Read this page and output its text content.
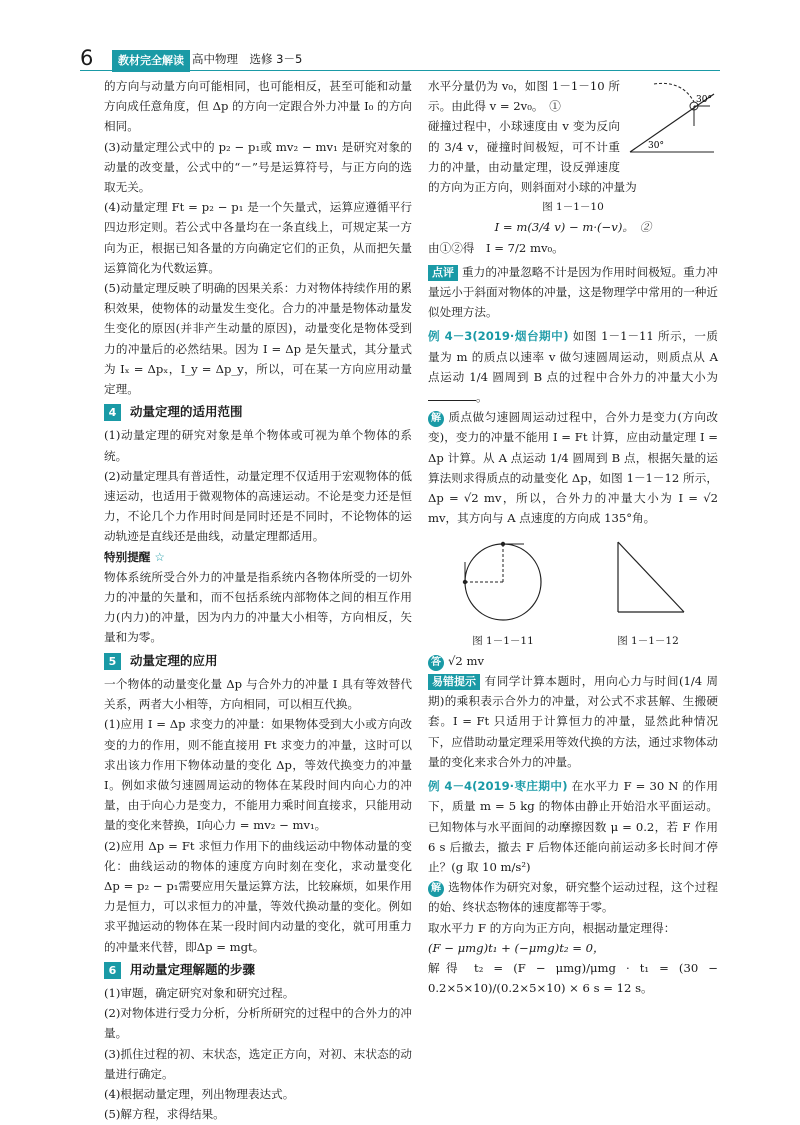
6	教材完全解读 高中物理　选修 3－5

的方向与动量方向可能相同，也可能相反，甚至可能和动量方向成任意角度，但 Δp 的方向一定跟合外力冲量 I₀ 的方向相同。

(3)动量定理公式中的 p₂ − p₁或 mv₂ − mv₁ 是研究对象的动量的改变量，公式中的“－”号是运算符号，与正方向的选取无关。

(4)动量定理 Ft = p₂ − p₁ 是一个矢量式，运算应遵循平行四边形定则。若公式中各量均在一条直线上，可规定某一方向为正，根据已知各量的方向确定它们的正负，从而把矢量运算简化为代数运算。

(5)动量定理反映了明确的因果关系：力对物体持续作用的累积效果，使物体的动量发生变化。合力的冲量是物体动量发生变化的原因(并非产生动量的原因)，动量变化是物体受到力的冲量后的必然结果。因为 I = Δp 是矢量式，其分量式为 Iₓ = Δpₓ，I_y = Δp_y，所以，可在某一方向应用动量定理。

4	动量定理的适用范围

(1)动量定理的研究对象是单个物体或可视为单个物体的系统。

(2)动量定理具有普适性，动量定理不仅适用于宏观物体的低速运动，也适用于微观物体的高速运动。不论是变力还是恒力，不论几个力作用时间是同时还是不同时，不论物体的运动轨迹是直线还是曲线，动量定理都适用。

特别提醒 ☆

物体系统所受合外力的冲量是指系统内各物体所受的一切外力的冲量的矢量和，而不包括系统内部物体之间的相互作用力(内力)的冲量，因为内力的冲量大小相等，方向相反，矢量和为零。

5	动量定理的应用

一个物体的动量变化量 Δp 与合外力的冲量 I 具有等效替代关系，两者大小相等，方向相同，可以相互代换。

(1)应用 I = Δp 求变力的冲量：如果物体受到大小或方向改变的力的作用，则不能直接用 Ft 求变力的冲量，这时可以求出该力作用下物体动量的变化 Δp，等效代换变力的冲量 I。例如求做匀速圆周运动的物体在某段时间内向心力的冲量，由于向心力是变力，不能用力乘时间直接求，只能用动量的变化来替换，I向心力 = mv₂ − mv₁。

(2)应用 Δp = Ft 求恒力作用下的曲线运动中物体动量的变化：曲线运动的物体的速度方向时刻在变化，求动量变化 Δp = p₂ − p₁需要应用矢量运算方法，比较麻烦，如果作用力是恒力，可以求恒力的冲量，等效代换动量的变化。例如求平抛运动的物体在某一段时间内动量的变化，就可用重力的冲量来代替，即Δp = mgt。

6	用动量定理解题的步骤

(1)审题，确定研究对象和研究过程。

(2)对物体进行受力分析，分析所研究的过程中的合外力的冲量。

(3)抓住过程的初、末状态，选定正方向，对初、末状态的动量进行确定。

(4)根据动量定理，列出物理表达式。

(5)解方程，求得结果。

30°
30°

水平分量仍为 v₀，如图 1－1－10 所示。由此得 v = 2v₀。　①

碰撞过程中，小球速度由 v 变为反向的 3/4 v，碰撞时间极短，可不计重力的冲量，由动量定理，设反弹速度的方向为正方向，则斜面对小球的冲量为

图 1－1－10

I = m(3/4 v) − m·(−v)。　②

由①②得　I = 7/2 mv₀。

点评 重力的冲量忽略不计是因为作用时间极短。重力冲量远小于斜面对物体的冲量，这是物理学中常用的一种近似处理方法。

例 4－3(2019·烟台期中) 如图 1－1－11 所示，一质量为 m 的质点以速率 v 做匀速圆周运动，则质点从 A 点运动 1/4 圆周到 B 点的过程中合外力的冲量大小为 。

解 质点做匀速圆周运动过程中，合外力是变力(方向改变)，变力的冲量不能用 I = Ft 计算，应由动量定理 I = Δp 计算。从 A 点运动 1/4 圆周到 B 点，根据矢量的运算法则求得质点的动量变化 Δp，如图 1－1－12 所示，Δp = √2 mv，所以，合外力的冲量大小为 I = √2 mv，其方向与 A 点速度的方向成 135°角。

图 1－1－11	图 1－1－12

答 √2 mv

易错提示 有同学计算本题时，用向心力与时间(1/4 周期)的乘积表示合外力的冲量，对公式不求甚解、生搬硬套。I = Ft 只适用于计算恒力的冲量，显然此种情况下，应借助动量定理采用等效代换的方法，通过求物体动量的变化来求合外力的冲量。

例 4－4(2019·枣庄期中) 在水平力 F = 30 N 的作用下，质量 m = 5 kg 的物体由静止开始沿水平面运动。已知物体与水平面间的动摩擦因数 μ = 0.2，若 F 作用 6 s 后撤去，撤去 F 后物体还能向前运动多长时间才停止？(g 取 10 m/s²)

解 选物体作为研究对象，研究整个运动过程，这个过程的始、终状态物体的速度都等于零。

取水平力 F 的方向为正方向，根据动量定理得：

(F − μmg)t₁ + (−μmg)t₂ = 0，

解得 t₂ = (F − μmg)/μmg · t₁ = (30 − 0.2×5×10)/(0.2×5×10) × 6 s = 12 s。
